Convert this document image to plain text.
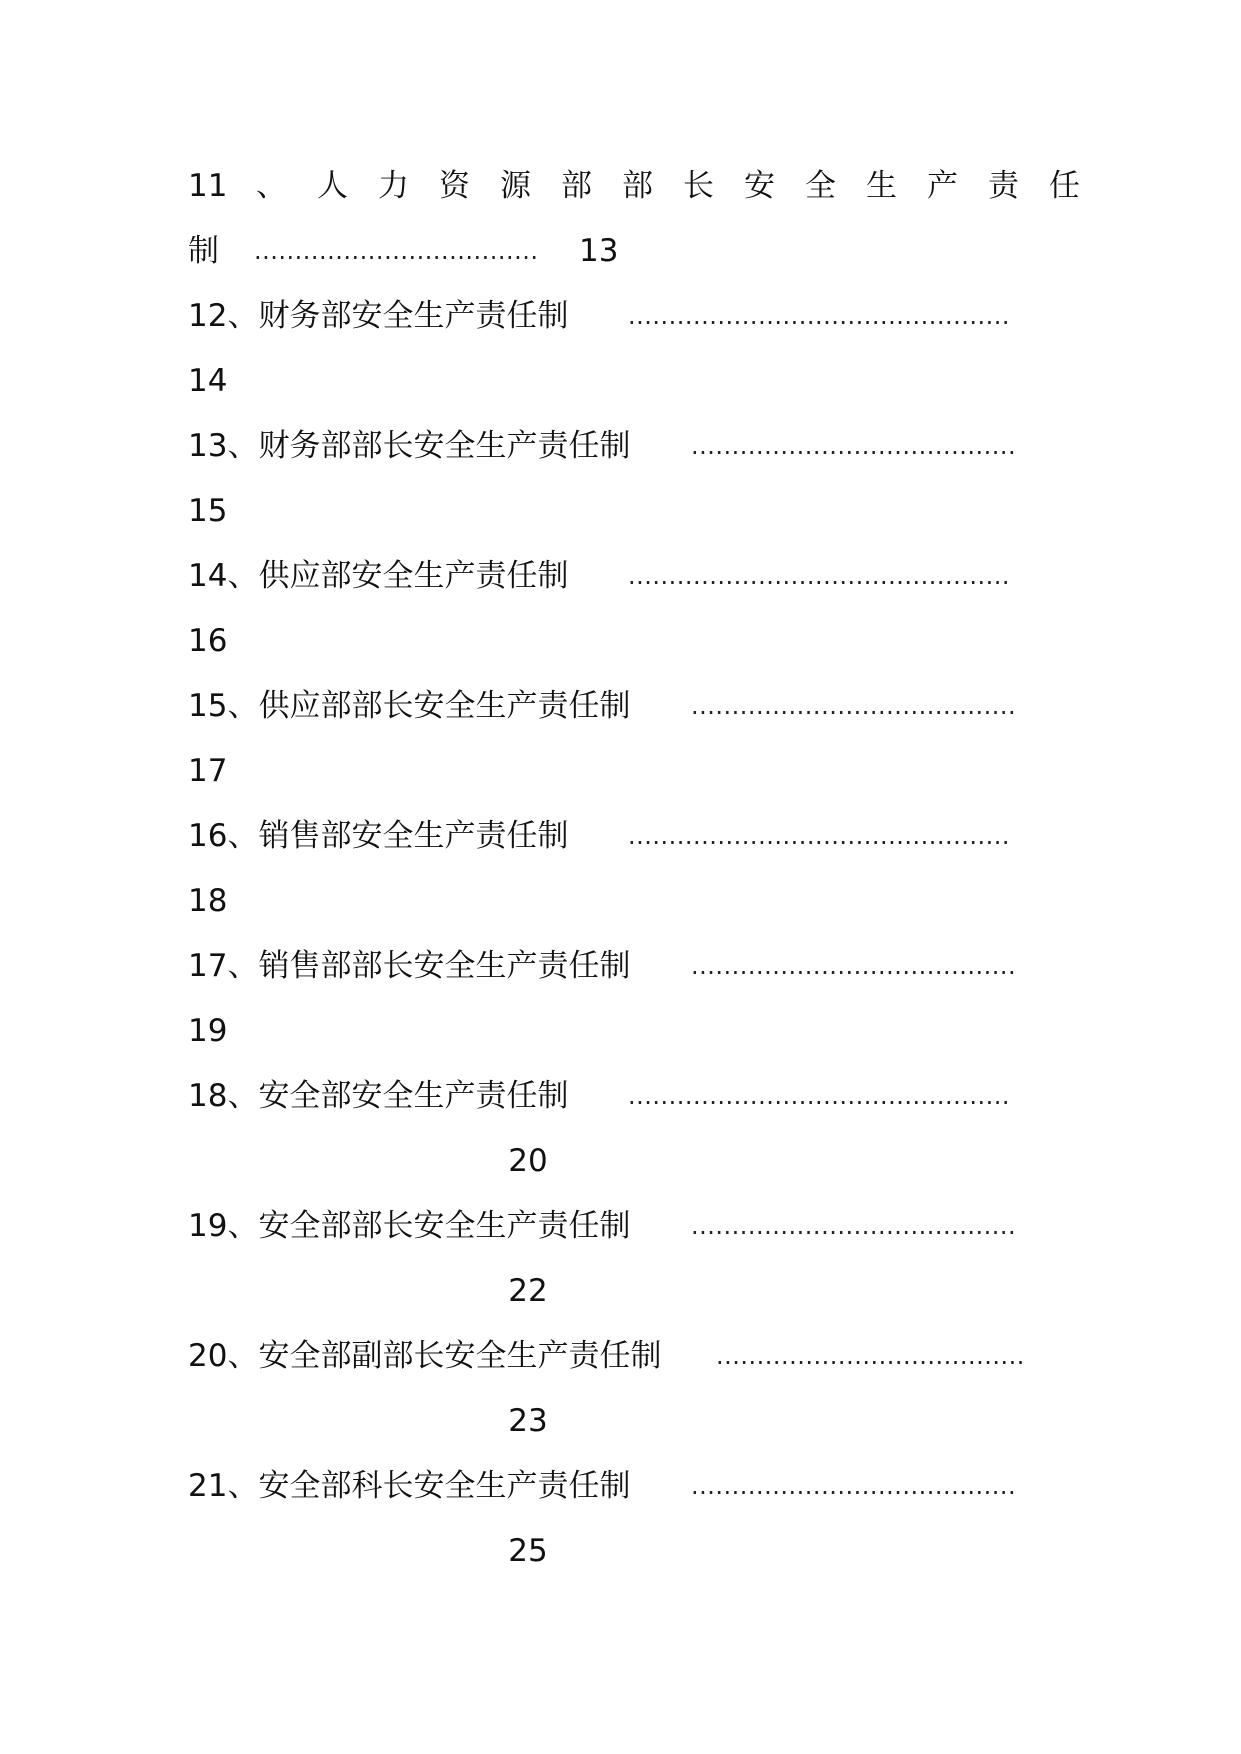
11 、人力资源部部长安全生产责任
制 ................................... 13
12、财务部安全生产责任制 ...............................................
14
13、财务部部长安全生产责任制	........................................
15
14、供应部安全生产责任制 ...............................................
16
15、供应部部长安全生产责任制	........................................
17
16、销售部安全生产责任制 ...............................................
18
17、销售部部长安全生产责任制	........................................
19
18、安全部安全生产责任制 ...............................................
20
19、安全部部长安全生产责任制	........................................
22
20、安全部副部长安全生产责任制 ......................................
23
21、安全部科长安全生产责任制	........................................
25
